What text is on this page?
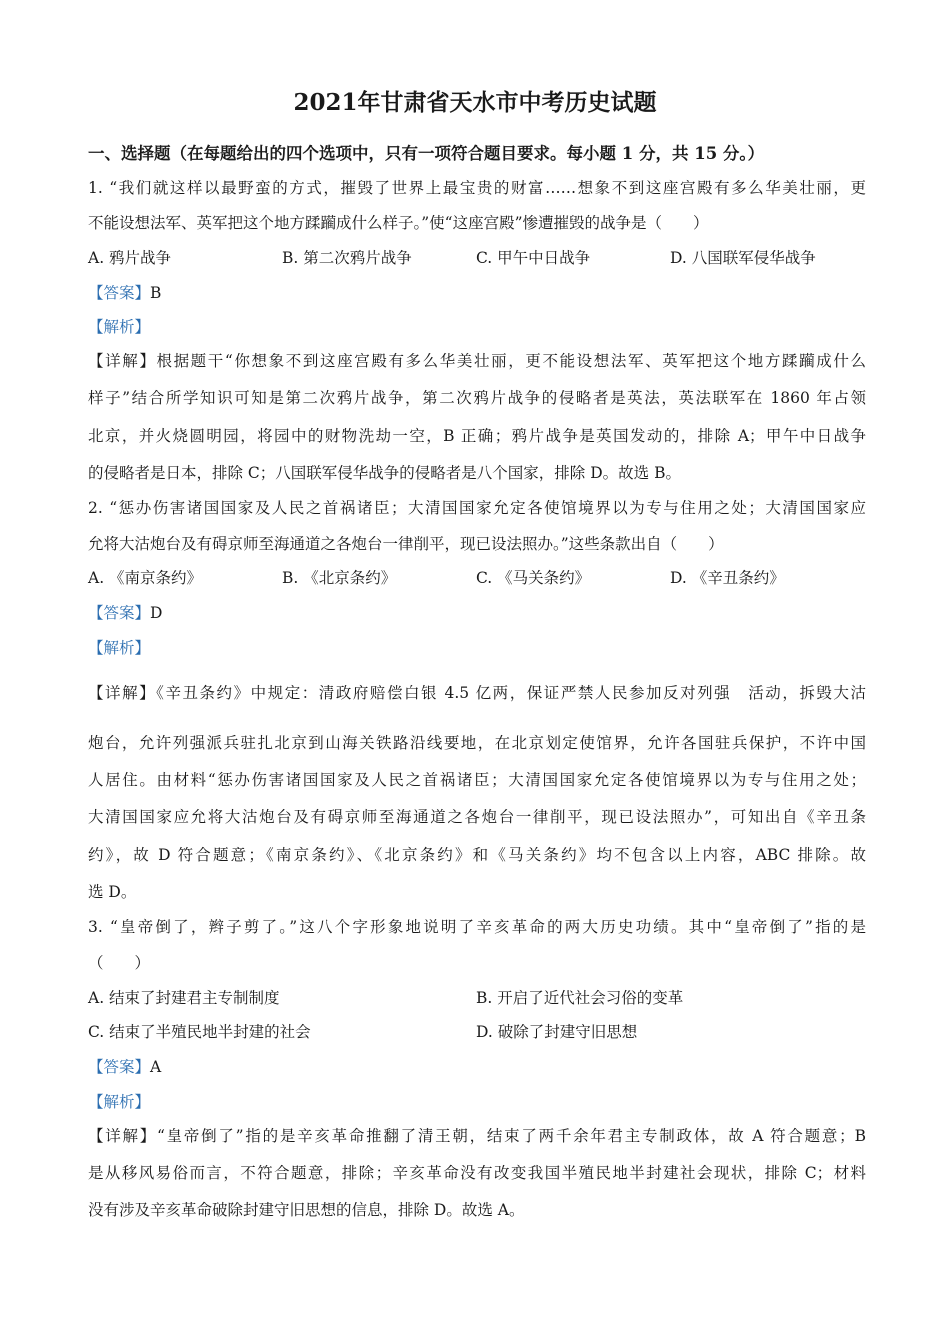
2021年甘肃省天水市中考历史试题
一、选择题（在每题给出的四个选项中，只有一项符合题目要求。每小题 1 分，共 15 分。）
1. “我们就这样以最野蛮的方式，摧毁了世界上最宝贵的财富……想象不到这座宫殿有多么华美壮丽，更
不能设想法军、英军把这个地方蹂躏成什么样子。”使“这座宫殿”惨遭摧毁的战争是（　　）
A. 鸦片战争	B. 第二次鸦片战争	C. 甲午中日战争	D. 八国联军侵华战争
【答案】B
【解析】
【详解】根据题干“你想象不到这座宫殿有多么华美壮丽，更不能设想法军、英军把这个地方蹂躏成什么
样子”结合所学知识可知是第二次鸦片战争，第二次鸦片战争的侵略者是英法，英法联军在 1860 年占领
北京，并火烧圆明园，将园中的财物洗劫一空，B 正确；鸦片战争是英国发动的，排除 A；甲午中日战争
的侵略者是日本，排除 C；八国联军侵华战争的侵略者是八个国家，排除 D。故选 B。
2. “惩办伤害诸国国家及人民之首祸诸臣；大清国国家允定各使馆境界以为专与住用之处；大清国国家应
允将大沽炮台及有碍京师至海通道之各炮台一律削平，现已设法照办。”这些条款出自（　　）
A. 《南京条约》	B. 《北京条约》	C. 《马关条约》	D. 《辛丑条约》
【答案】D
【解析】
【详解】《辛丑条约》中规定：清政府赔偿白银 4.5 亿两，保证严禁人民参加反对列强　活动，拆毁大沽
炮台，允许列强派兵驻扎北京到山海关铁路沿线要地，在北京划定使馆界，允许各国驻兵保护，不许中国
人居住。由材料“惩办伤害诸国国家及人民之首祸诸臣；大清国国家允定各使馆境界以为专与住用之处；
大清国国家应允将大沽炮台及有碍京师至海通道之各炮台一律削平，现已设法照办”，可知出自《辛丑条
约》，故 D 符合题意；《南京条约》、《北京条约》和《马关条约》均不包含以上内容，ABC 排除。故
选 D。
3. “皇帝倒了，辫子剪了。”这八个字形象地说明了辛亥革命的两大历史功绩。其中“皇帝倒了”指的是
（　　）
A. 结束了封建君主专制制度	B. 开启了近代社会习俗的变革
C. 结束了半殖民地半封建的社会	D. 破除了封建守旧思想
【答案】A
【解析】
【详解】“皇帝倒了”指的是辛亥革命推翻了清王朝，结束了两千余年君主专制政体，故 A 符合题意；B
是从移风易俗而言，不符合题意，排除；辛亥革命没有改变我国半殖民地半封建社会现状，排除 C；材料
没有涉及辛亥革命破除封建守旧思想的信息，排除 D。故选 A。
